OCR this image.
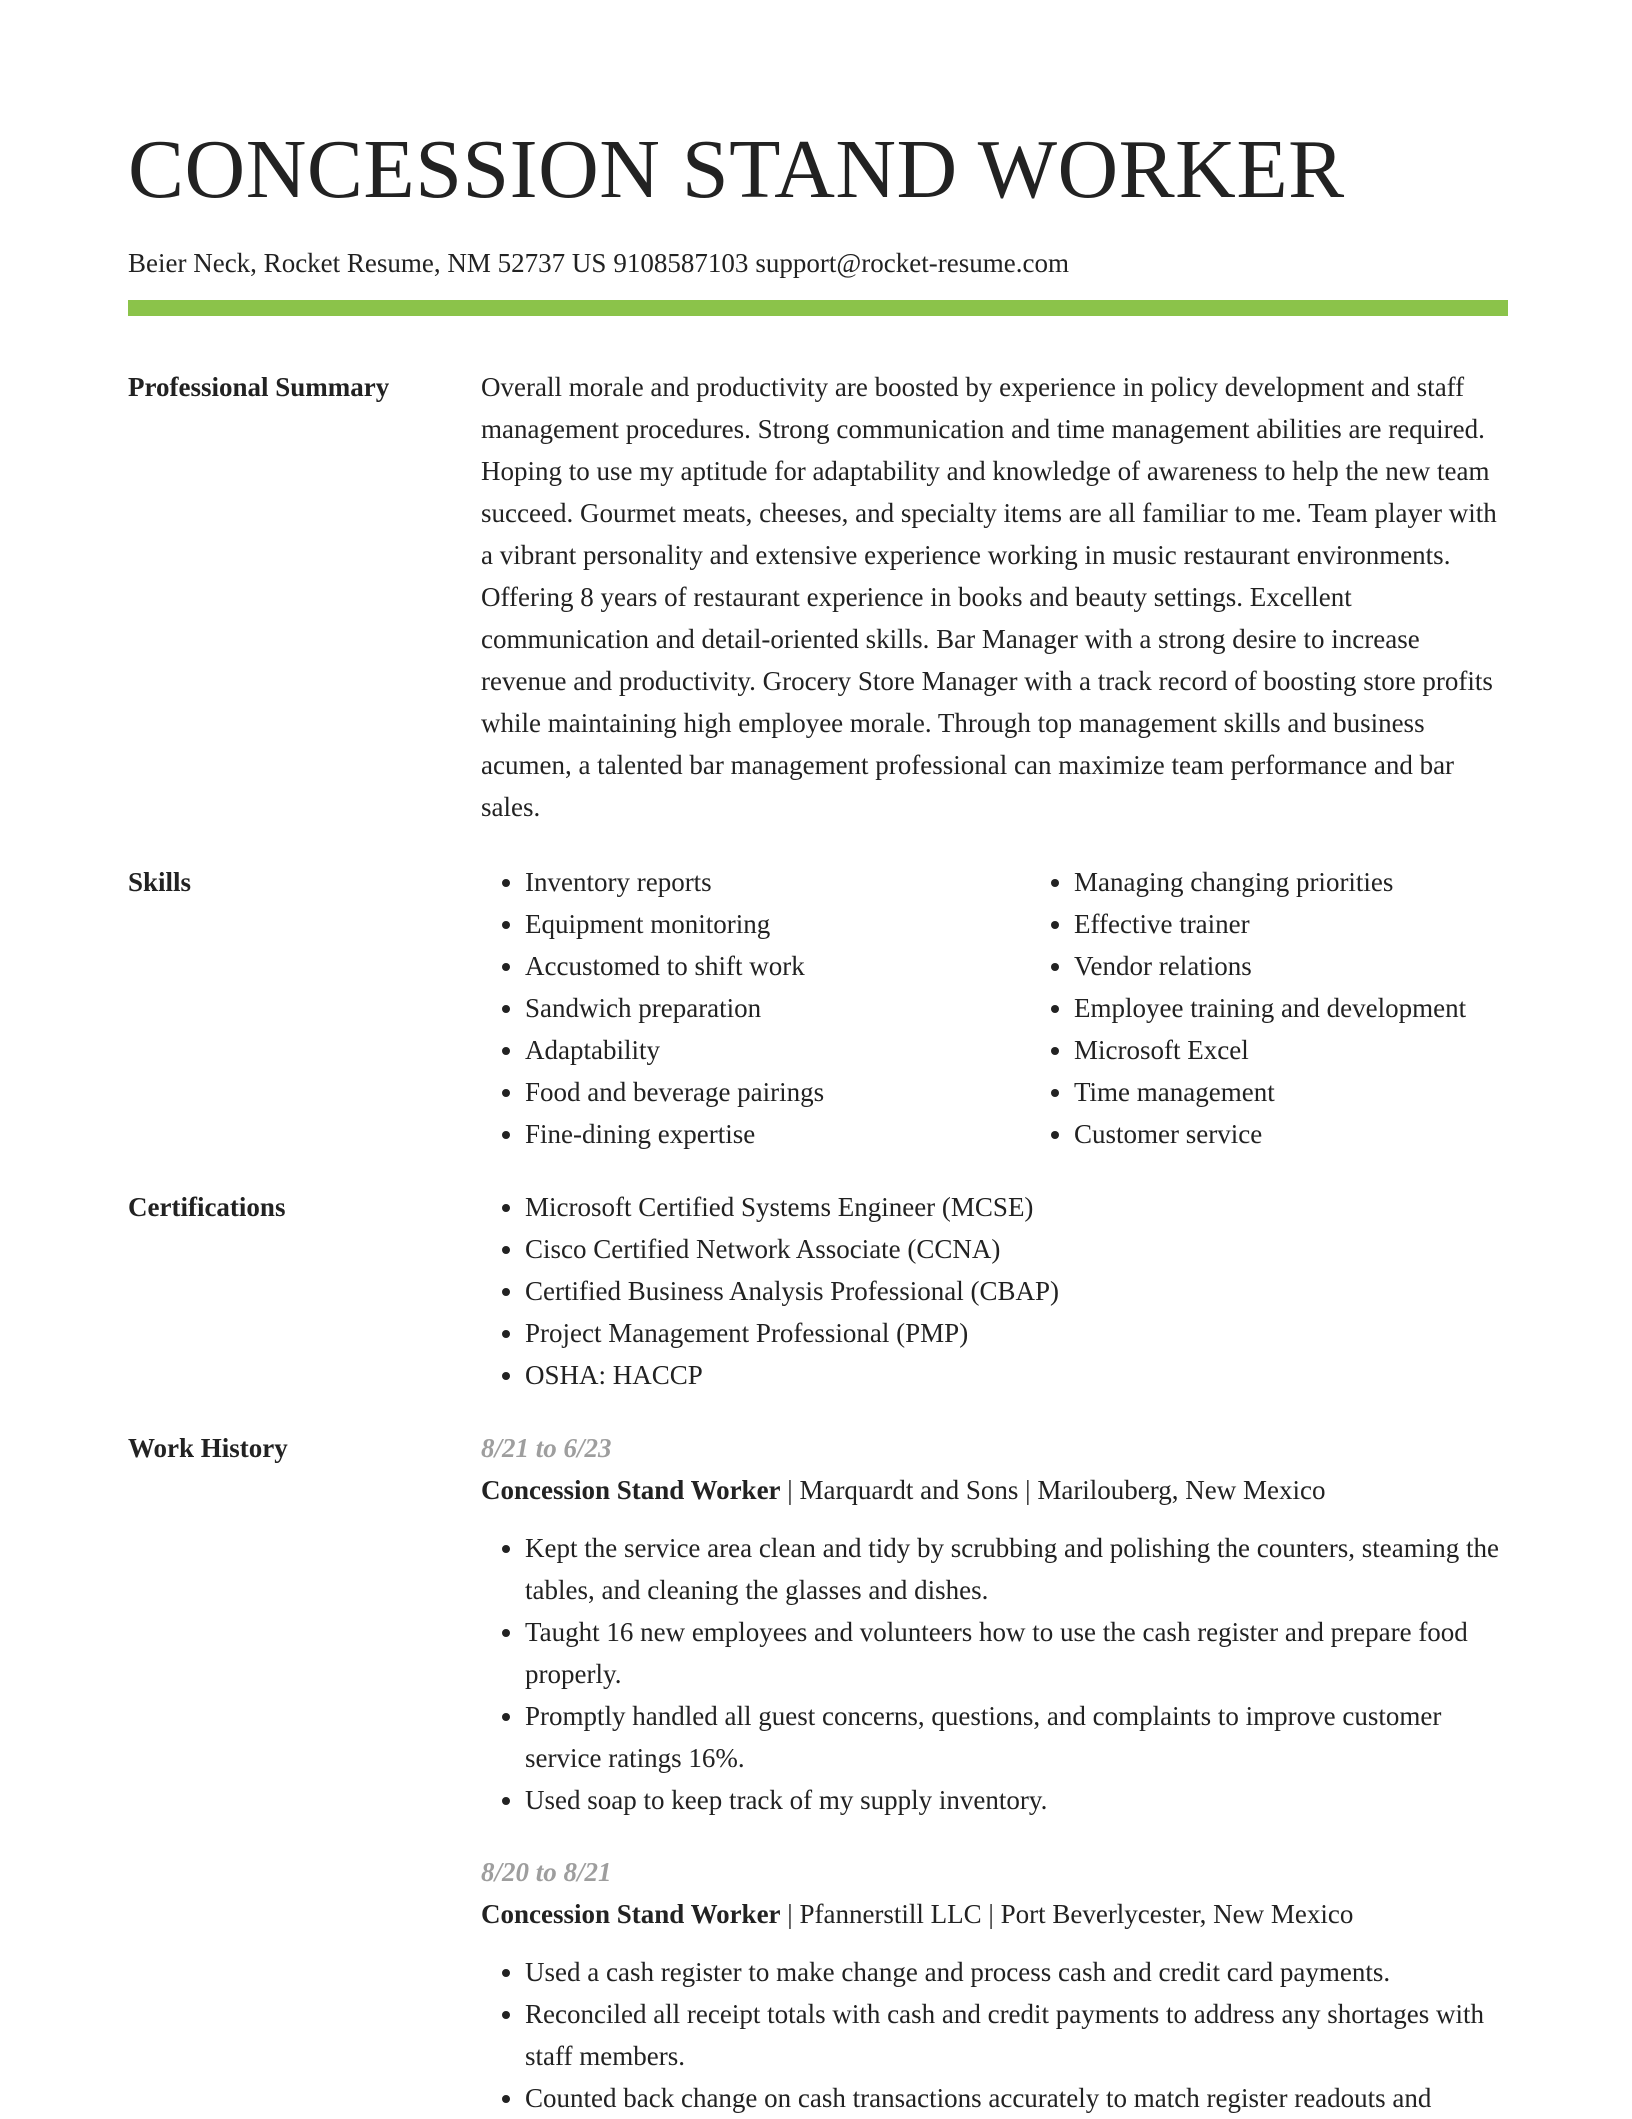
CONCESSION STAND WORKER
Beier Neck, Rocket Resume, NM 52737 US 9108587103 support@rocket-resume.com
Professional Summary	Overall morale and productivity are boosted by experience in policy development and staff management procedures. Strong communication and time management abilities are required. Hoping to use my aptitude for adaptability and knowledge of awareness to help the new team succeed. Gourmet meats, cheeses, and specialty items are all familiar to me. Team player with a vibrant personality and extensive experience working in music restaurant environments. Offering 8 years of restaurant experience in books and beauty settings. Excellent communication and detail-oriented skills. Bar Manager with a strong desire to increase revenue and productivity. Grocery Store Manager with a track record of boosting store profits while maintaining high employee morale. Through top management skills and business acumen, a talented bar management professional can maximize team performance and bar sales.

Skills	• Inventory reports
• Equipment monitoring
• Accustomed to shift work
• Sandwich preparation
• Adaptability
• Food and beverage pairings
• Fine-dining expertise
• Managing changing priorities
• Effective trainer
• Vendor relations
• Employee training and development
• Microsoft Excel
• Time management
• Customer service
Certifications	• Microsoft Certified Systems Engineer (MCSE)
• Cisco Certified Network Associate (CCNA)
• Certified Business Analysis Professional (CBAP)
• Project Management Professional (PMP)
• OSHA: HACCP
Work History	8/21 to 6/23
Concession Stand Worker | Marquardt and Sons | Marilouberg, New Mexico
• Kept the service area clean and tidy by scrubbing and polishing the counters, steaming the tables, and cleaning the glasses and dishes.
• Taught 16 new employees and volunteers how to use the cash register and prepare food properly.
• Promptly handled all guest concerns, questions, and complaints to improve customer service ratings 16%.
• Used soap to keep track of my supply inventory.
8/20 to 8/21
Concession Stand Worker | Pfannerstill LLC | Port Beverlycester, New Mexico
• Used a cash register to make change and process cash and credit card payments.
• Reconciled all receipt totals with cash and credit payments to address any shortages with staff members.
• Counted back change on cash transactions accurately to match register readouts and
